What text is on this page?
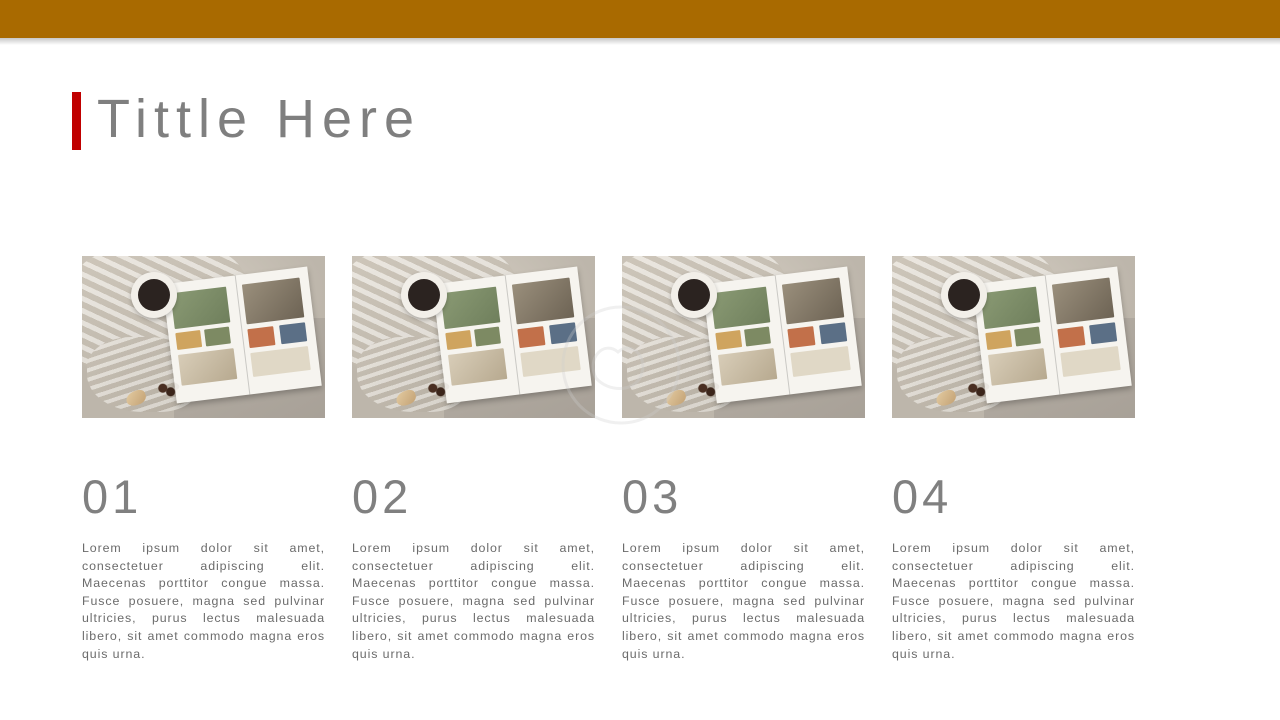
Tittle Here
01
Lorem ipsum dolor sit amet, consectetuer adipiscing elit. Maecenas porttitor congue massa. Fusce posuere, magna sed pulvinar ultricies, purus lectus malesuada libero, sit amet commodo magna eros quis urna.
02
Lorem ipsum dolor sit amet, consectetuer adipiscing elit. Maecenas porttitor congue massa. Fusce posuere, magna sed pulvinar ultricies, purus lectus malesuada libero, sit amet commodo magna eros quis urna.
03
Lorem ipsum dolor sit amet, consectetuer adipiscing elit. Maecenas porttitor congue massa. Fusce posuere, magna sed pulvinar ultricies, purus lectus malesuada libero, sit amet commodo magna eros quis urna.
04
Lorem ipsum dolor sit amet, consectetuer adipiscing elit. Maecenas porttitor congue massa. Fusce posuere, magna sed pulvinar ultricies, purus lectus malesuada libero, sit amet commodo magna eros quis urna.
